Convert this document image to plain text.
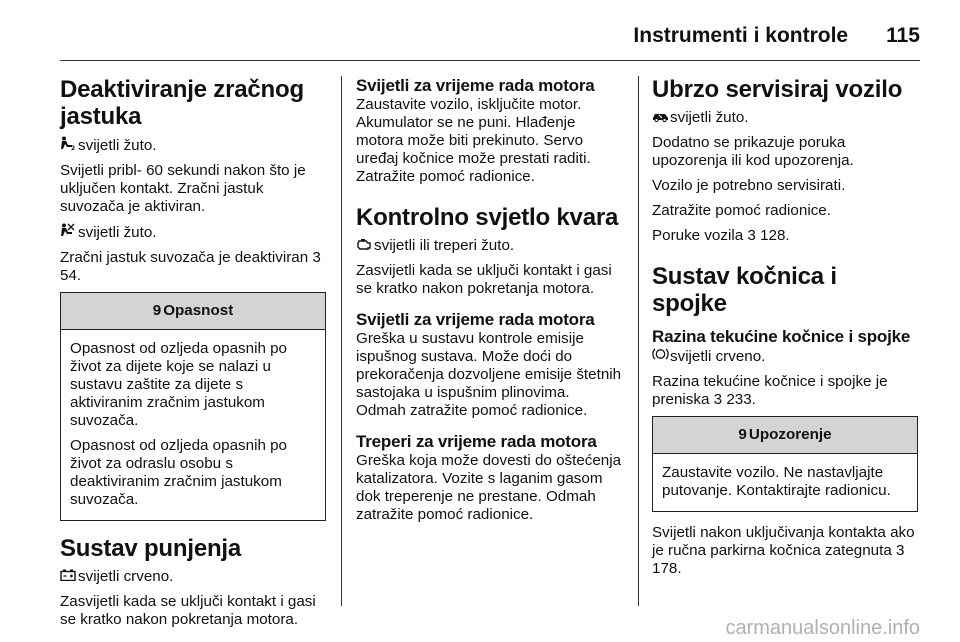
Instrumenti i kontrole 115
Deaktiviranje zračnog jastuka

2 svijetli žuto.

Svijetli pribl- 60 sekundi nakon što je uključen kontakt. Zračni jastuk suvozača je aktiviran.

svijetli žuto.

Zračni jastuk suvozača je deaktiviran 3 54.

9 Opasnost

Opasnost od ozljeda opasnih po život za dijete koje se nalazi u sustavu zaštite za dijete s aktiviranim zračnim jastukom suvozača.

Opasnost od ozljeda opasnih po život za odraslu osobu s deaktiviranim zračnim jastukom suvozača.

Sustav punjenja

svijetli crveno.

Zasvijetli kada se uključi kontakt i gasi se kratko nakon pokretanja motora.

Svijetli za vrijeme rada motora

Zaustavite vozilo, isključite motor. Akumulator se ne puni. Hlađenje motora može biti prekinuto. Servo uređaj kočnice može prestati raditi. Zatražite pomoć radionice.

Kontrolno svjetlo kvara

svijetli ili treperi žuto.

Zasvijetli kada se uključi kontakt i gasi se kratko nakon pokretanja motora.

Svijetli za vrijeme rada motora

Greška u sustavu kontrole emisije ispušnog sustava. Može doći do prekoračenja dozvoljene emisije štetnih sastojaka u ispušnim plinovima. Odmah zatražite pomoć radionice.

Treperi za vrijeme rada motora

Greška koja može dovesti do oštećenja katalizatora. Vozite s laganim gasom dok treperenje ne prestane. Odmah zatražite pomoć radionice.

Ubrzo servisiraj vozilo

svijetli žuto.

Dodatno se prikazuje poruka upozorenja ili kod upozorenja.

Vozilo je potrebno servisirati.

Zatražite pomoć radionice.

Poruke vozila 3 128.

Sustav kočnica i spojke
Razina tekućine kočnice i spojke

svijetli crveno.

Razina tekućine kočnice i spojke je preniska 3 233.

9 Upozorenje

Zaustavite vozilo. Ne nastavljajte putovanje. Kontaktirajte radionicu.

Svijetli nakon uključivanja kontakta ako je ručna parkirna kočnica zategnuta 3 178.

carmanualsonline.info
